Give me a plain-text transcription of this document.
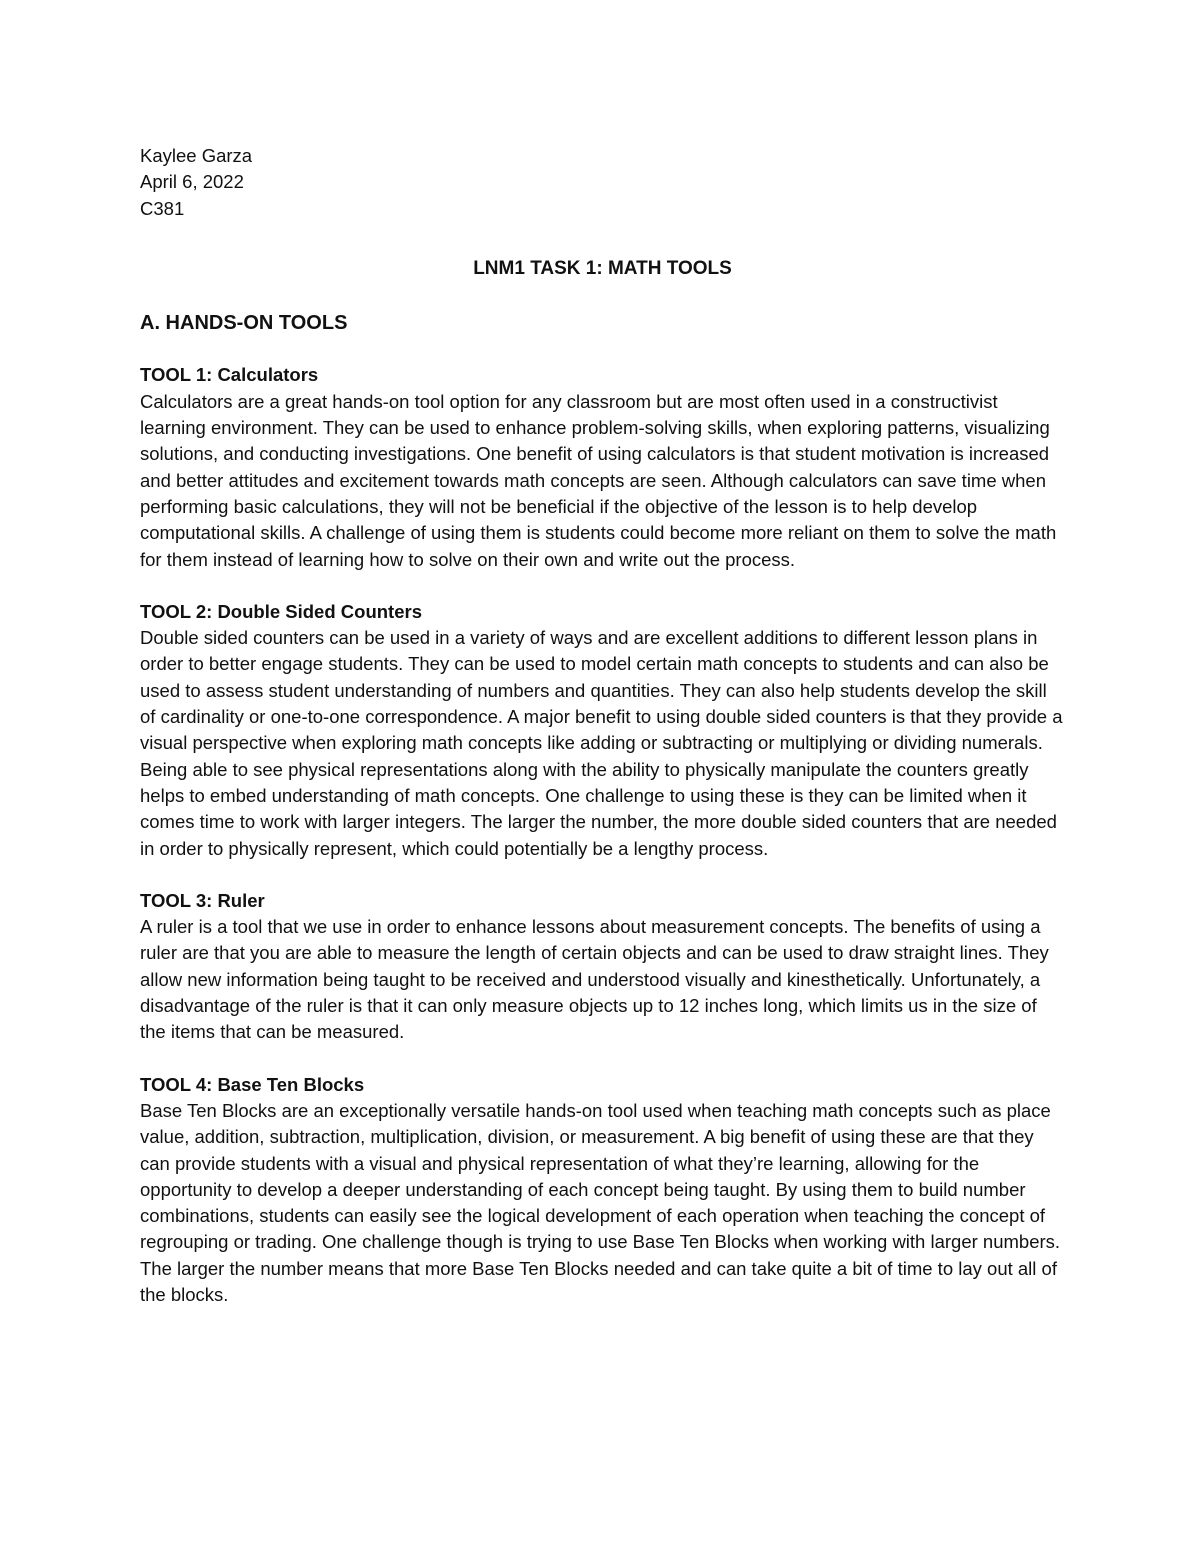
Kaylee Garza

April 6, 2022

C381

LNM1 TASK 1: MATH TOOLS
A. HANDS-ON TOOLS

TOOL 1: Calculators

Calculators are a great hands-on tool option for any classroom but are most often used in a constructivist learning environment. They can be used to enhance problem-solving skills, when exploring patterns, visualizing solutions, and conducting investigations. One benefit of using calculators is that student motivation is increased and better attitudes and excitement towards math concepts are seen. Although calculators can save time when performing basic calculations, they will not be beneficial if the objective of the lesson is to help develop computational skills. A challenge of using them is students could become more reliant on them to solve the math for them instead of learning how to solve on their own and write out the process.

TOOL 2: Double Sided Counters

Double sided counters can be used in a variety of ways and are excellent additions to different lesson plans in order to better engage students. They can be used to model certain math concepts to students and can also be used to assess student understanding of numbers and quantities. They can also help students develop the skill of cardinality or one-to-one correspondence. A major benefit to using double sided counters is that they provide a visual perspective when exploring math concepts like adding or subtracting or multiplying or dividing numerals. Being able to see physical representations along with the ability to physically manipulate the counters greatly helps to embed understanding of math concepts. One challenge to using these is they can be limited when it comes time to work with larger integers. The larger the number, the more double sided counters that are needed in order to physically represent, which could potentially be a lengthy process.

TOOL 3: Ruler

A ruler is a tool that we use in order to enhance lessons about measurement concepts. The benefits of using a ruler are that you are able to measure the length of certain objects and can be used to draw straight lines. They allow new information being taught to be received and understood visually and kinesthetically. Unfortunately, a disadvantage of the ruler is that it can only measure objects up to 12 inches long, which limits us in the size of the items that can be measured.

TOOL 4: Base Ten Blocks

Base Ten Blocks are an exceptionally versatile hands-on tool used when teaching math concepts such as place value, addition, subtraction, multiplication, division, or measurement. A big benefit of using these are that they can provide students with a visual and physical representation of what they’re learning, allowing for the opportunity to develop a deeper understanding of each concept being taught. By using them to build number combinations, students can easily see the logical development of each operation when teaching the concept of regrouping or trading. One challenge though is trying to use Base Ten Blocks when working with larger numbers. The larger the number means that more Base Ten Blocks needed and can take quite a bit of time to lay out all of the blocks.
